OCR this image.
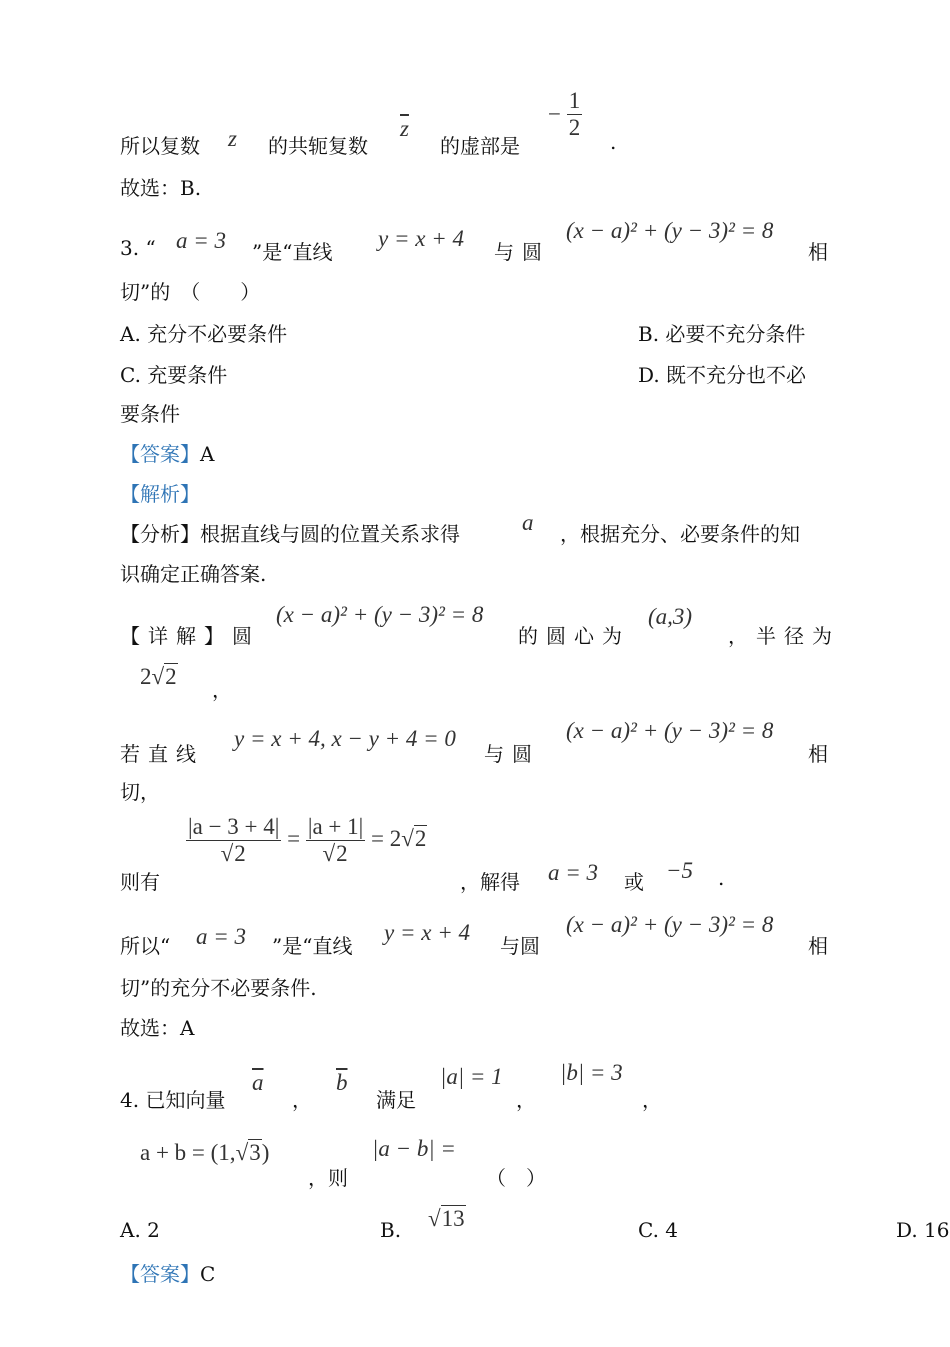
所以复数 z 的共轭复数
$\overline{z}$
的虚部是
− $\frac{1}{2}$
.
故选：B.
3. “ a = 3 ”是“直线
y = x + 4
与圆
(x − a)² + (y − 3)² = 8
相
切”的　（　　）
A. 充分不必要条件	B. 必要不充分条件
C. 充要条件	D. 既不充分也不必
要条件
【答案】A
【解析】
【分析】根据直线与圆的位置关系求得	a ，根据充分、必要条件的知
识确定正确答案.
【详解】圆
(x − a)² + (y − 3)² = 8
的圆心为
(a,3)
，半径为
2√2
，
若直线
y = x + 4, x − y + 4 = 0
与圆
(x − a)² + (y − 3)² = 8
相
切，
则有
$\frac{|a - 3 + 4|}{√2} = \frac{|a + 1|}{√2} = 2√2$
，解得 a = 3 或 −5 .
所以“ a = 3 ”是“直线
y = x + 4
与圆
(x − a)² + (y − 3)² = 8
相
切”的充分不必要条件.
故选：A
4. 已知向量
$\overline{a}$
，
$\overline{b}$
满足
|a| = 1
，
|b| = 3
，
a + b = (1,√3)
，则
|a − b| =
（　）
A. 2	B. √13	C. 4	D. 16
【答案】C
